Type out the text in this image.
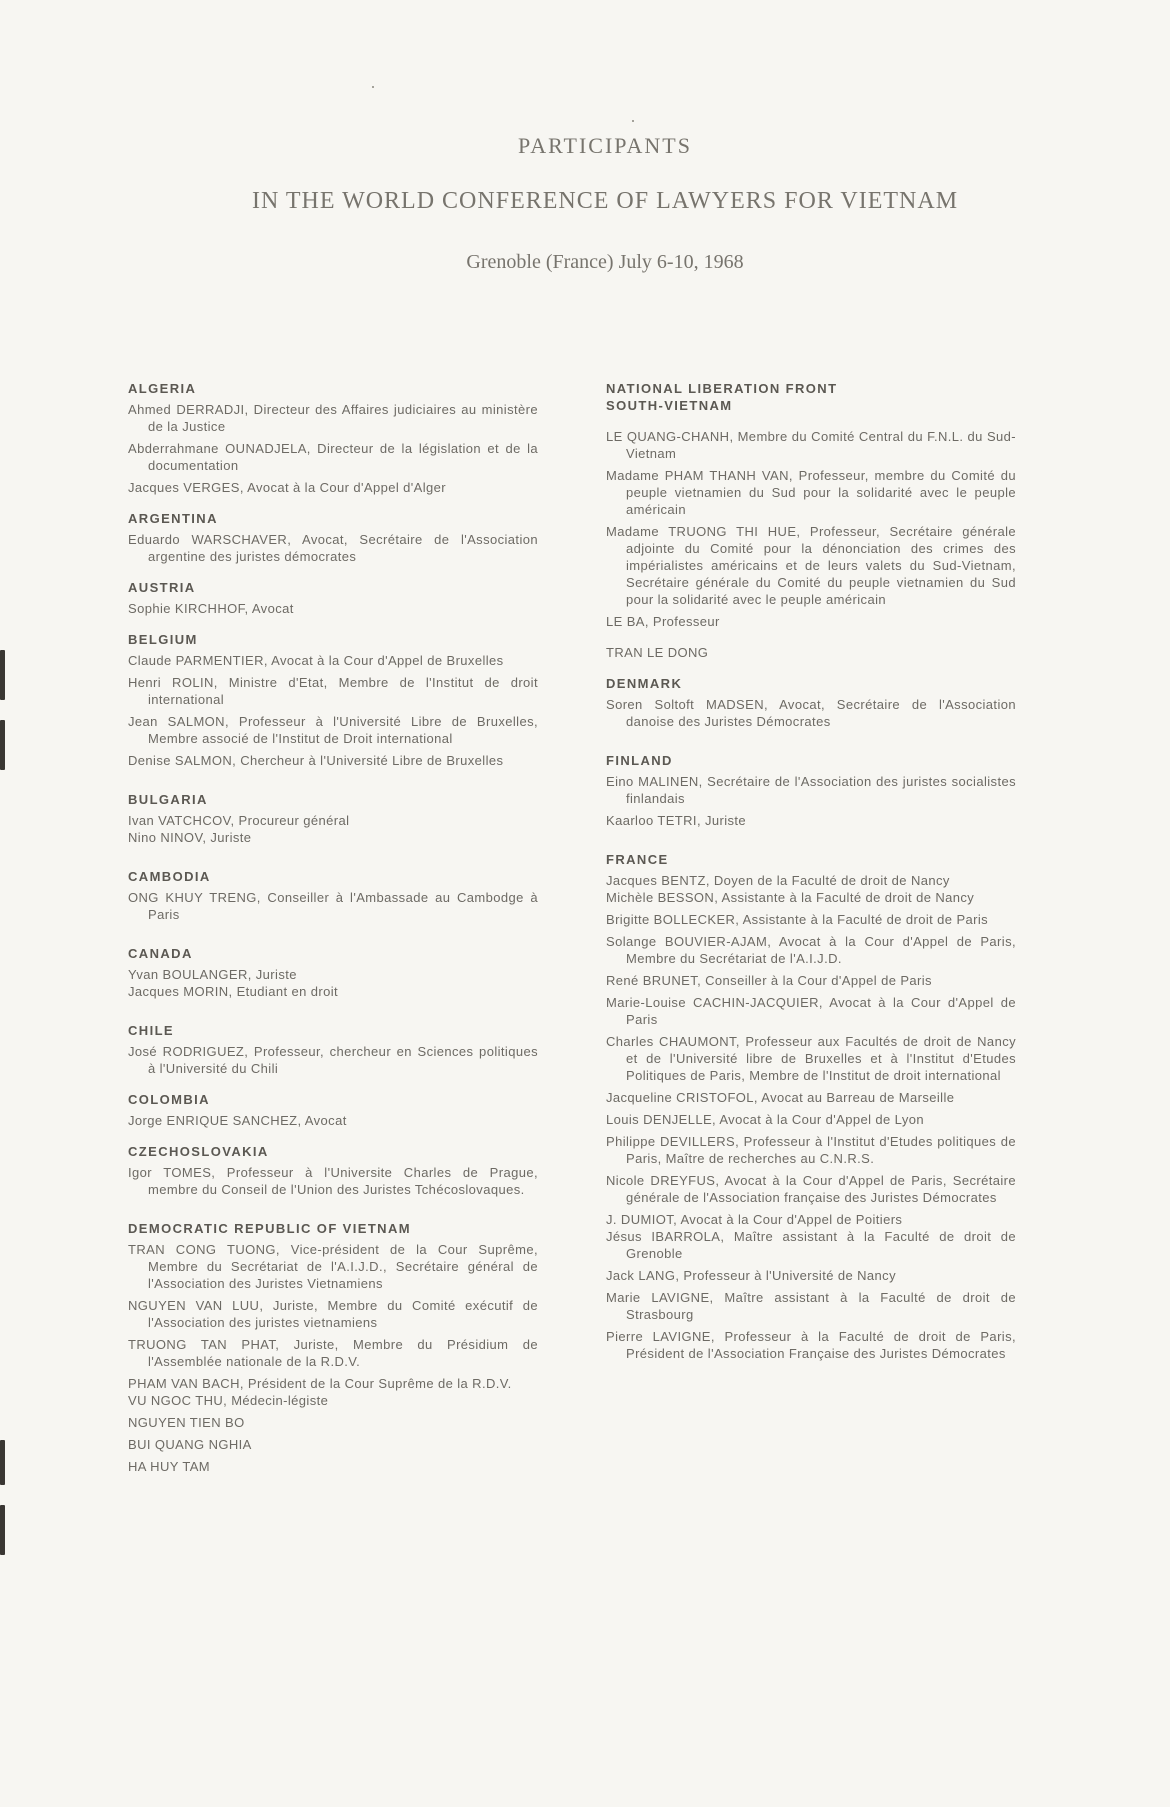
PARTICIPANTS
IN THE WORLD CONFERENCE OF LAWYERS FOR VIETNAM
Grenoble (France) July 6-10, 1968
ALGERIA
Ahmed DERRADJI, Directeur des Affaires judiciaires au ministère de la Justice
Abderrahmane OUNADJELA, Directeur de la législation et de la documentation
Jacques VERGES, Avocat à la Cour d'Appel d'Alger
ARGENTINA
Eduardo WARSCHAVER, Avocat, Secrétaire de l'Association argentine des juristes démocrates
AUSTRIA
Sophie KIRCHHOF, Avocat
BELGIUM
Claude PARMENTIER, Avocat à la Cour d'Appel de Bruxelles
Henri ROLIN, Ministre d'Etat, Membre de l'Institut de droit international
Jean SALMON, Professeur à l'Université Libre de Bruxelles, Membre associé de l'Institut de Droit international
Denise SALMON, Chercheur à l'Université Libre de Bruxelles
BULGARIA
Ivan VATCHCOV, Procureur général
Nino NINOV, Juriste
CAMBODIA
ONG KHUY TRENG, Conseiller à l'Ambassade au Cambodge à Paris
CANADA
Yvan BOULANGER, Juriste
Jacques MORIN, Etudiant en droit
CHILE
José RODRIGUEZ, Professeur, chercheur en Sciences politiques à l'Université du Chili
COLOMBIA
Jorge ENRIQUE SANCHEZ, Avocat
CZECHOSLOVAKIA
Igor TOMES, Professeur à l'Universite Charles de Prague, membre du Conseil de l'Union des Juristes Tchécoslovaques.
DEMOCRATIC REPUBLIC OF VIETNAM
TRAN CONG TUONG, Vice-président de la Cour Suprême, Membre du Secrétariat de l'A.I.J.D., Secrétaire général de l'Association des Juristes Vietnamiens
NGUYEN VAN LUU, Juriste, Membre du Comité exécutif de l'Association des juristes vietnamiens
TRUONG TAN PHAT, Juriste, Membre du Présidium de l'Assemblée nationale de la R.D.V.
PHAM VAN BACH, Président de la Cour Suprême de la R.D.V.
VU NGOC THU, Médecin-légiste
NGUYEN TIEN BO
BUI QUANG NGHIA
HA HUY TAM
NATIONAL LIBERATION FRONT SOUTH-VIETNAM
LE QUANG-CHANH, Membre du Comité Central du F.N.L. du Sud-Vietnam
Madame PHAM THANH VAN, Professeur, membre du Comité du peuple vietnamien du Sud pour la solidarité avec le peuple américain
Madame TRUONG THI HUE, Professeur, Secrétaire générale adjointe du Comité pour la dénonciation des crimes des impérialistes américains et de leurs valets du Sud-Vietnam, Secrétaire générale du Comité du peuple vietnamien du Sud pour la solidarité avec le peuple américain
LE BA, Professeur
TRAN LE DONG
DENMARK
Soren Soltoft MADSEN, Avocat, Secrétaire de l'Association danoise des Juristes Démocrates
FINLAND
Eino MALINEN, Secrétaire de l'Association des juristes socialistes finlandais
Kaarloo TETRI, Juriste
FRANCE
Jacques BENTZ, Doyen de la Faculté de droit de Nancy
Michèle BESSON, Assistante à la Faculté de droit de Nancy
Brigitte BOLLECKER, Assistante à la Faculté de droit de Paris
Solange BOUVIER-AJAM, Avocat à la Cour d'Appel de Paris, Membre du Secrétariat de l'A.I.J.D.
René BRUNET, Conseiller à la Cour d'Appel de Paris
Marie-Louise CACHIN-JACQUIER, Avocat à la Cour d'Appel de Paris
Charles CHAUMONT, Professeur aux Facultés de droit de Nancy et de l'Université libre de Bruxelles et à l'Institut d'Etudes Politiques de Paris, Membre de l'Institut de droit international
Jacqueline CRISTOFOL, Avocat au Barreau de Marseille
Louis DENJELLE, Avocat à la Cour d'Appel de Lyon
Philippe DEVILLERS, Professeur à l'Institut d'Etudes politiques de Paris, Maître de recherches au C.N.R.S.
Nicole DREYFUS, Avocat à la Cour d'Appel de Paris, Secrétaire générale de l'Association française des Juristes Démocrates
J. DUMIOT, Avocat à la Cour d'Appel de Poitiers
Jésus IBARROLA, Maître assistant à la Faculté de droit de Grenoble
Jack LANG, Professeur à l'Université de Nancy
Marie LAVIGNE, Maître assistant à la Faculté de droit de Strasbourg
Pierre LAVIGNE, Professeur à la Faculté de droit de Paris, Président de l'Association Française des Juristes Démocrates
